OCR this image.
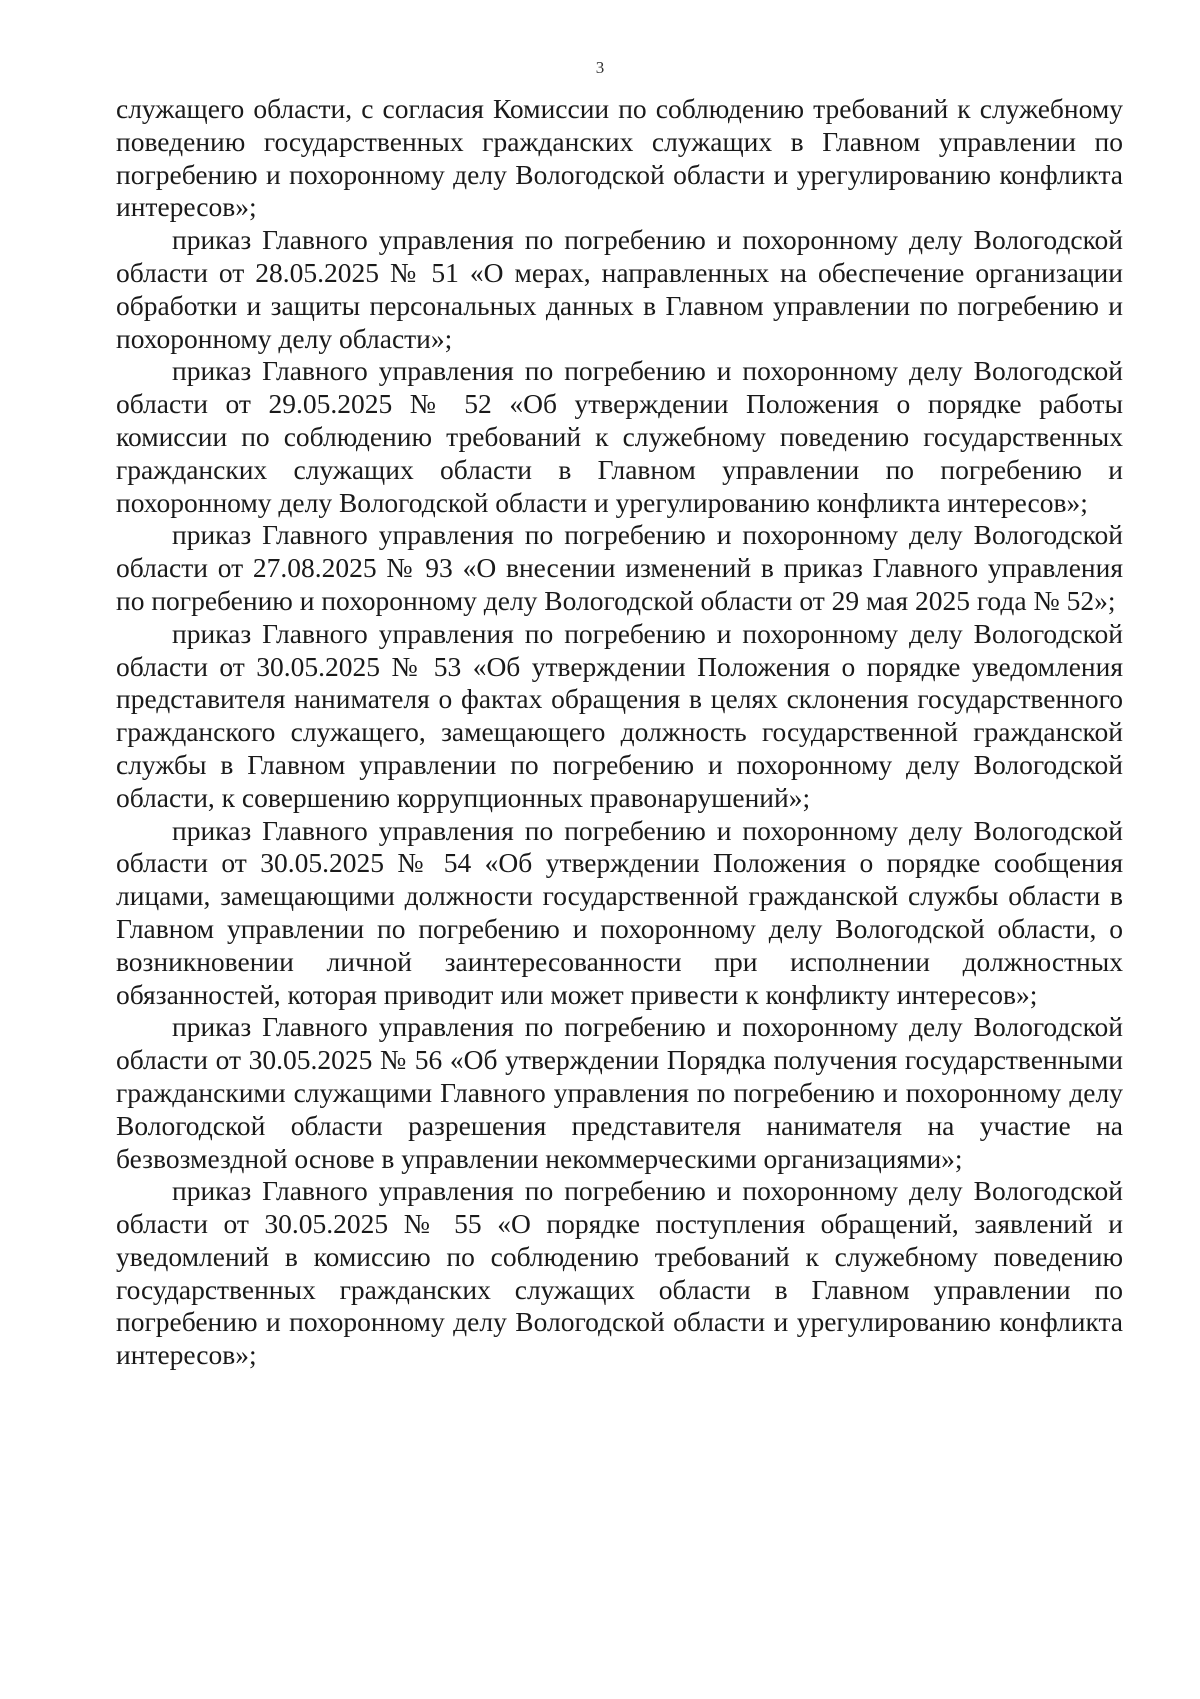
3

служащего области, с согласия Комиссии по соблюдению требований к служебному поведению государственных гражданских служащих в Главном управлении по погребению и похоронному делу Вологодской области и урегулированию конфликта интересов»;

приказ Главного управления по погребению и похоронному делу Вологодской области от 28.05.2025 № 51 «О мерах, направленных на обеспечение организации обработки и защиты персональных данных в Главном управлении по погребению и похоронному делу области»;

приказ Главного управления по погребению и похоронному делу Вологодской области от 29.05.2025 № 52 «Об утверждении Положения о порядке работы комиссии по соблюдению требований к служебному поведению государственных гражданских служащих области в Главном управлении по погребению и похоронному делу Вологодской области и урегулированию конфликта интересов»;

приказ Главного управления по погребению и похоронному делу Вологодской области от 27.08.2025 № 93 «О внесении изменений в приказ Главного управления по погребению и похоронному делу Вологодской области от 29 мая 2025 года № 52»;

приказ Главного управления по погребению и похоронному делу Вологодской области от 30.05.2025 № 53 «Об утверждении Положения о порядке уведомления представителя нанимателя о фактах обращения в целях склонения государственного гражданского служащего, замещающего должность государственной гражданской службы в Главном управлении по погребению и похоронному делу Вологодской области, к совершению коррупционных правонарушений»;

приказ Главного управления по погребению и похоронному делу Вологодской области от 30.05.2025 № 54 «Об утверждении Положения о порядке сообщения лицами, замещающими должности государственной гражданской службы области в Главном управлении по погребению и похоронному делу Вологодской области, о возникновении личной заинтересованности при исполнении должностных обязанностей, которая приводит или может привести к конфликту интересов»;

приказ Главного управления по погребению и похоронному делу Вологодской области от 30.05.2025 № 56 «Об утверждении Порядка получения государственными гражданскими служащими Главного управления по погребению и похоронному делу Вологодской области разрешения представителя нанимателя на участие на безвозмездной основе в управлении некоммерческими организациями»;

приказ Главного управления по погребению и похоронному делу Вологодской области от 30.05.2025 № 55 «О порядке поступления обращений, заявлений и уведомлений в комиссию по соблюдению требований к служебному поведению государственных гражданских служащих области в Главном управлении по погребению и похоронному делу Вологодской области и урегулированию конфликта интересов»;
